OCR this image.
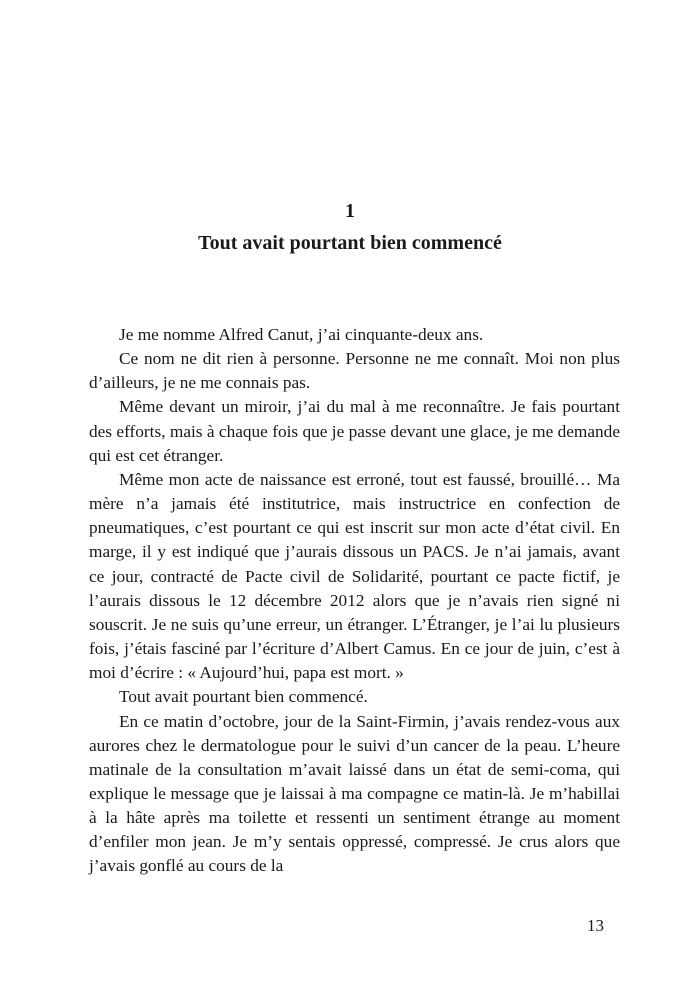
1
Tout avait pourtant bien commencé

Je me nomme Alfred Canut, j’ai cinquante-deux ans.

Ce nom ne dit rien à personne. Personne ne me connaît. Moi non plus d’ailleurs, je ne me connais pas.

Même devant un miroir, j’ai du mal à me reconnaître. Je fais pourtant des efforts, mais à chaque fois que je passe devant une glace, je me demande qui est cet étranger.

Même mon acte de naissance est erroné, tout est faussé, brouillé… Ma mère n’a jamais été institutrice, mais instructrice en confection de pneumatiques, c’est pourtant ce qui est inscrit sur mon acte d’état civil. En marge, il y est indiqué que j’aurais dissous un PACS. Je n’ai jamais, avant ce jour, contracté de Pacte civil de Solidarité, pourtant ce pacte fictif, je l’aurais dissous le 12 décembre 2012 alors que je n’avais rien signé ni souscrit. Je ne suis qu’une erreur, un étranger. L’Étranger, je l’ai lu plusieurs fois, j’étais fasciné par l’écriture d’Albert Camus. En ce jour de juin, c’est à moi d’écrire : « Aujourd’hui, papa est mort. »

Tout avait pourtant bien commencé.

En ce matin d’octobre, jour de la Saint-Firmin, j’avais rendez-vous aux aurores chez le dermatologue pour le suivi d’un cancer de la peau. L’heure matinale de la consultation m’avait laissé dans un état de semi-coma, qui explique le message que je laissai à ma compagne ce matin-là. Je m’habillai à la hâte après ma toilette et ressenti un sentiment étrange au moment d’enfiler mon jean. Je m’y sentais oppressé, compressé. Je crus alors que j’avais gonflé au cours de la

13
